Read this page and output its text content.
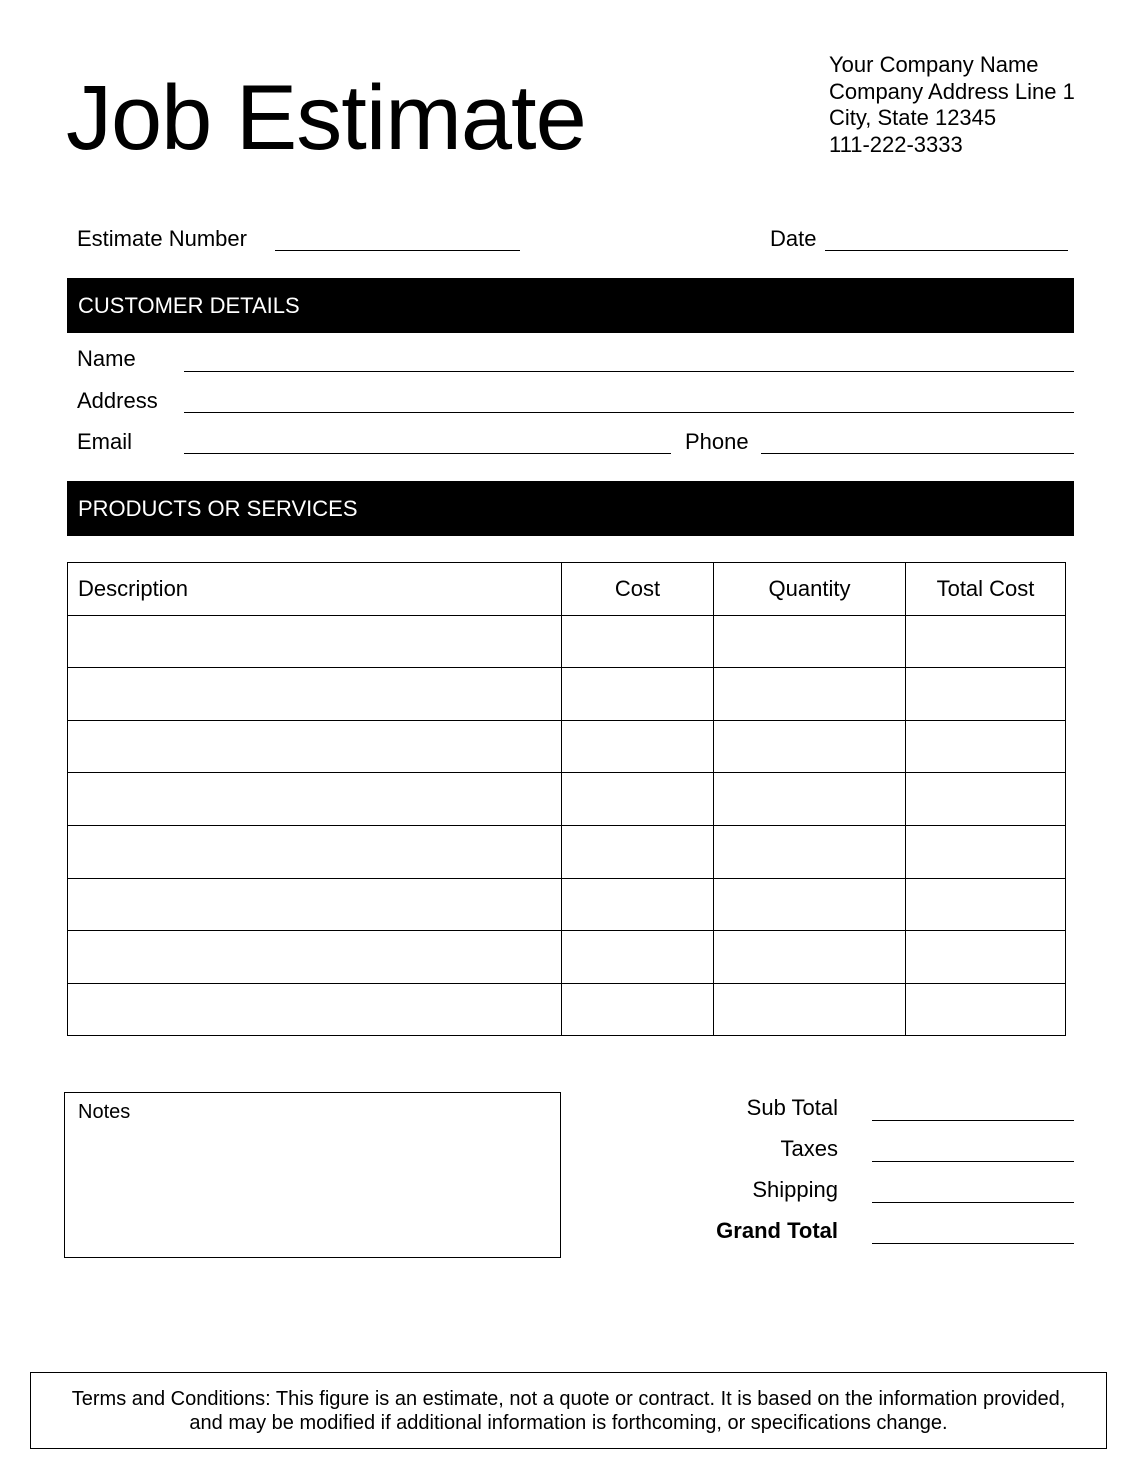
Job Estimate
Your Company Name
Company Address Line 1
City, State 12345
111-222-3333
Estimate Number	Date
CUSTOMER DETAILS
Name
Address
Email	Phone
PRODUCTS OR SERVICES
Description	Cost	Quantity	Total Cost

Notes	Sub Total
Taxes
Shipping
Grand Total
Terms and Conditions: This figure is an estimate, not a quote or contract. It is based on the information provided,
and may be modified if additional information is forthcoming, or specifications change.
